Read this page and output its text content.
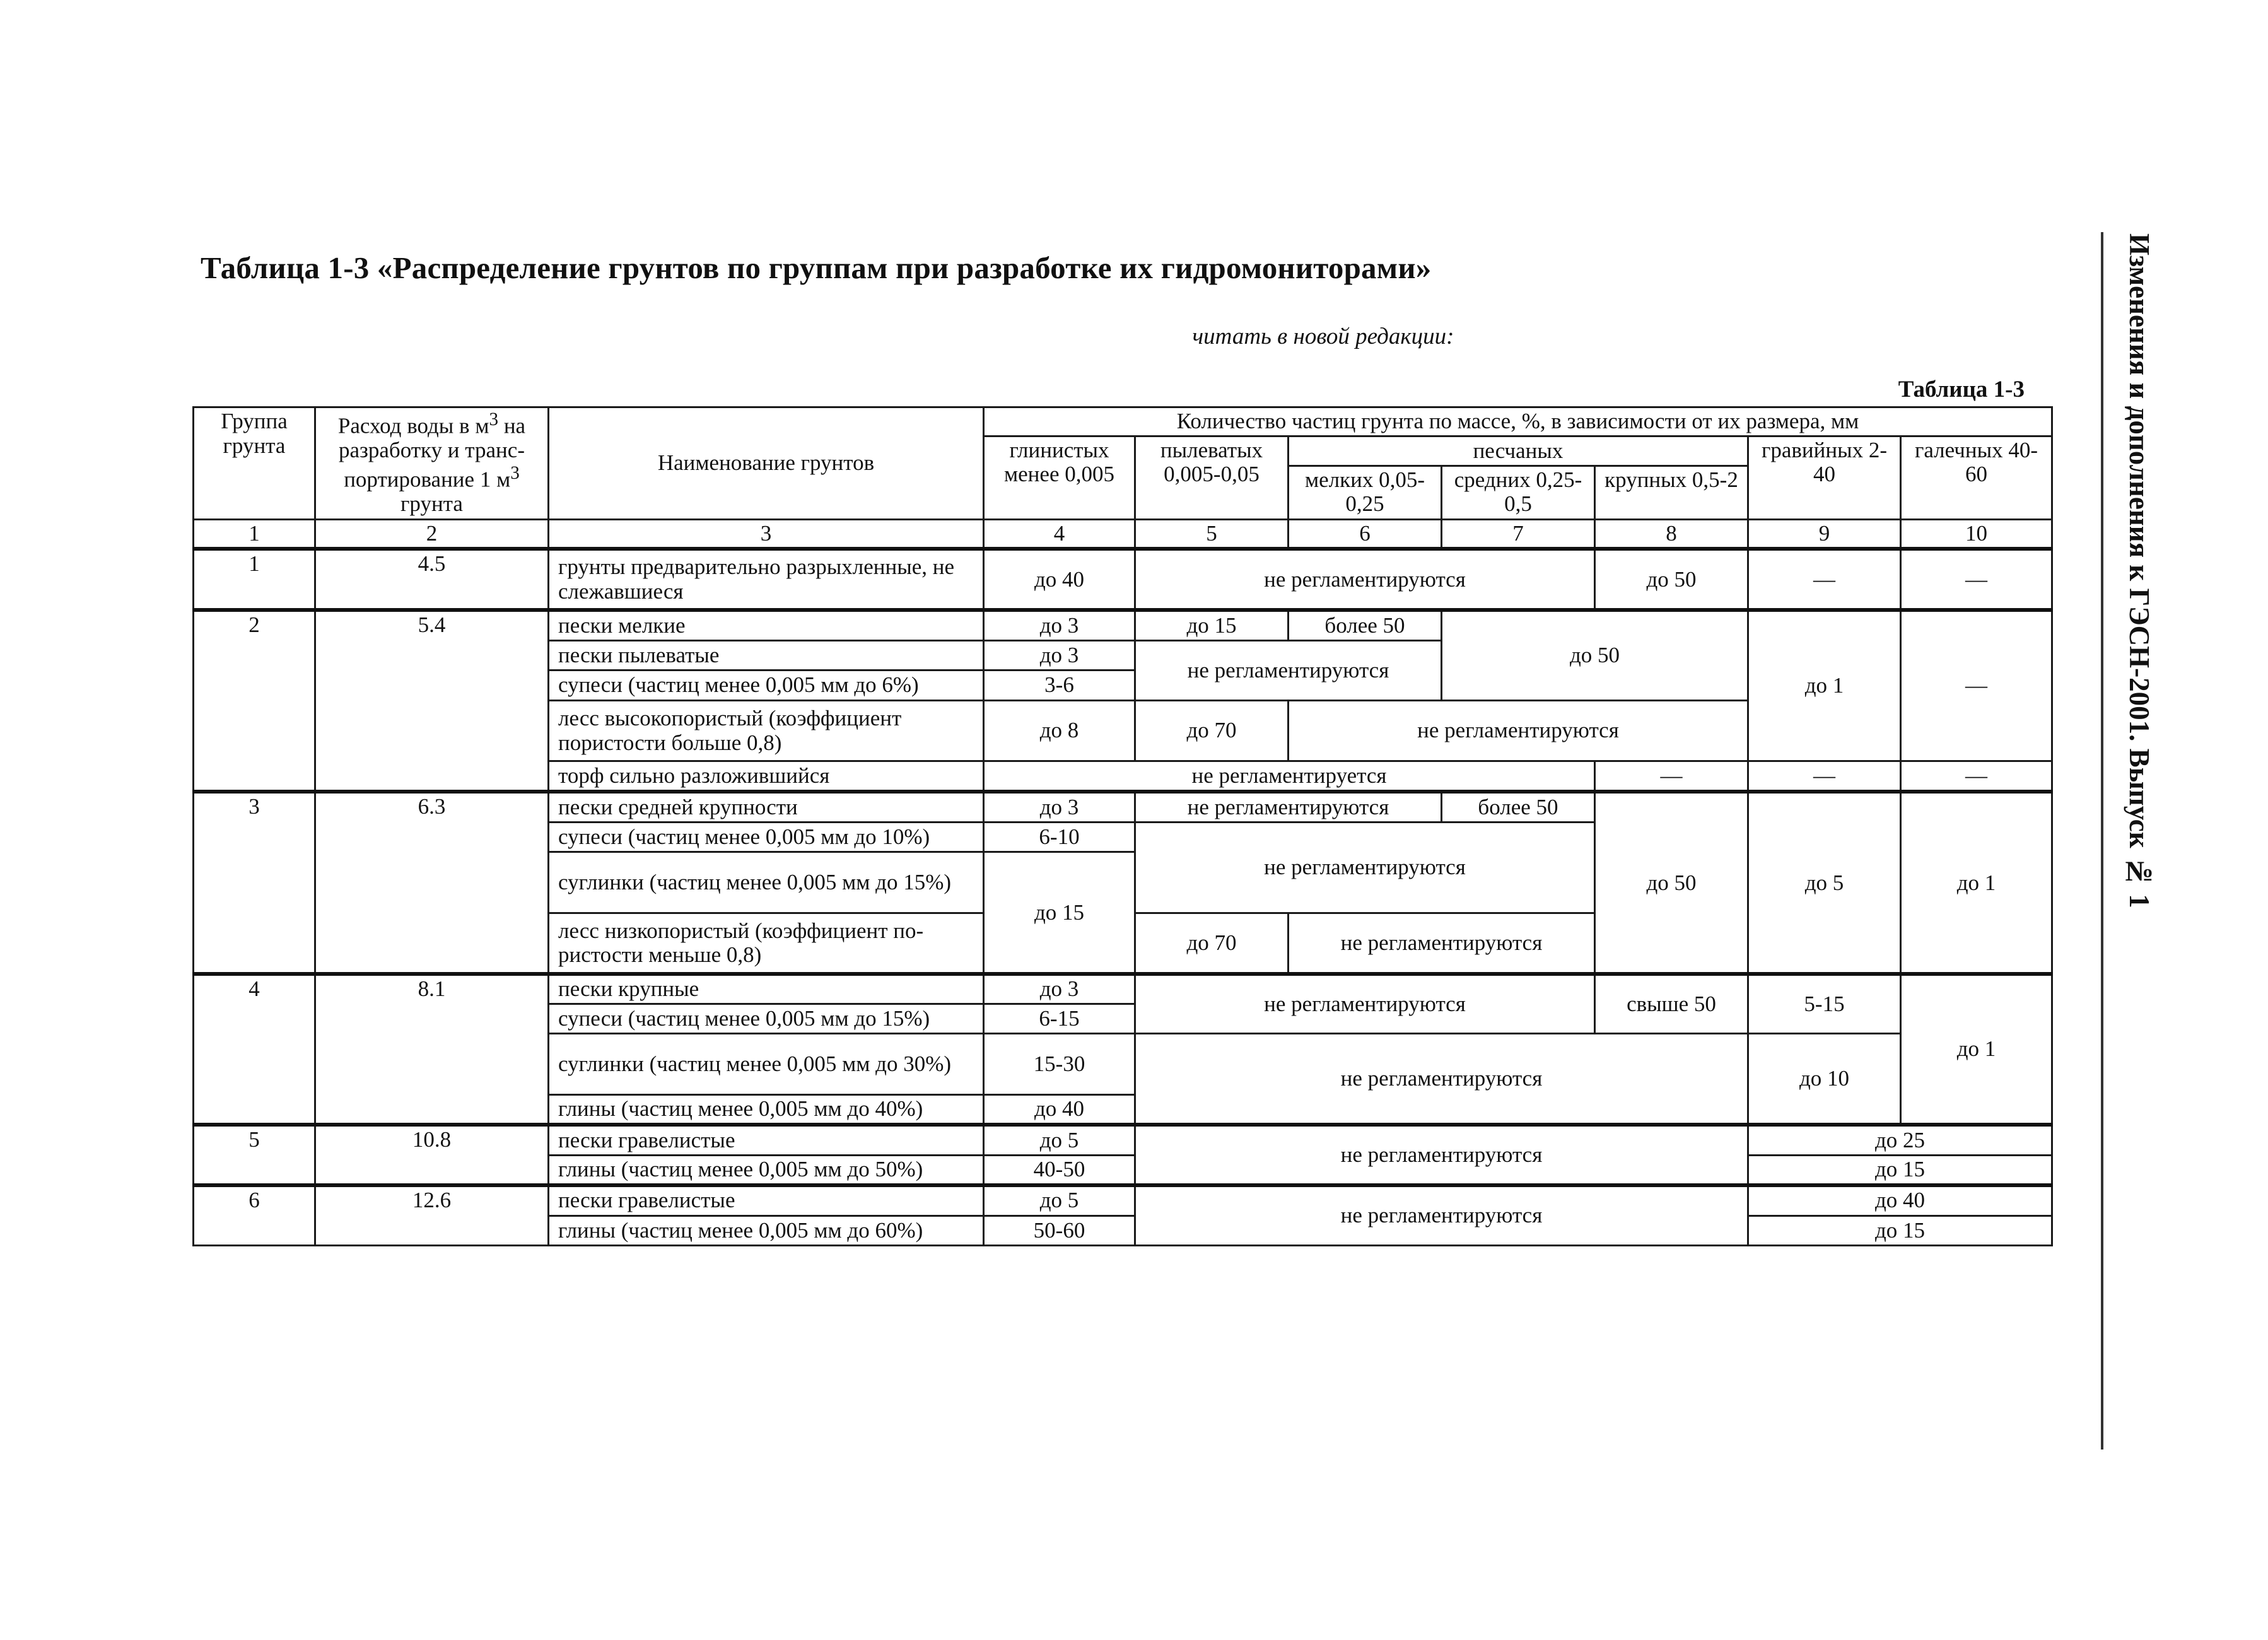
Таблица 1-3 «Распределение грунтов по группам при разработке их гидромониторами»
читать в новой редакции:
Таблица 1-3	Изменения и дополнения к ГЭСН-2001. Выпуск № 1
Группа грунта	Расход воды в $м^3$ на разработку и транс-портирование 1 $м^3$ грунта	Наименование грунтов	Количество частиц грунта по массе, %, в зависимости от их размера, мм						
			глинистых менее 0,005	пылеватых 0,005-0,05	песчаных			гравийных 2-40	галечных 40-60
					мелких 0,05-0,25	средних 0,25-0,5	крупных 0,5-2		
1	2	3	4	5	6	7	8	9	10
1	4.5	грунты предварительно разрыхленные, не слежавшиеся	до 40	не регламентируются			до 50	—	—
2	5.4	пески мелкие	до 3	до 15	более 50	до 50		до 1	—
		пески пылеватые	до 3	не регламентируются					
		супеси (частиц менее 0,005 мм до 6%)	3-6						
		лесс высокопористый (коэффициент пористости больше 0,8)	до 8	до 70	не регламентируются				
		торф сильно разложившийся	не регламентируется				—	—	—
3	6.3	пески средней крупности	до 3	не регламентируются		более 50	до 50	до 5	до 1
		супеси (частиц менее 0,005 мм до 10%)	6-10	не регламентируются					
		суглинки (частиц менее 0,005 мм до 15%)	до 15						
		лесс низкопористый (коэффициент по-ристости меньше 0,8)		до 70	не регламентируются				
4	8.1	пески крупные	до 3	не регламентируются			свыше 50	5-15	до 1
		супеси (частиц менее 0,005 мм до 15%)	6-15						
		суглинки (частиц менее 0,005 мм до 30%)	15-30	не регламентируются				до 10	
		глины (частиц менее 0,005 мм до 40%)	до 40						
5	10.8	пески гравелистые	до 5	не регламентируются				до 25	
		глины (частиц менее 0,005 мм до 50%)	40-50					до 15	
6	12.6	пески гравелистые	до 5	не регламентируются				до 40	
		глины (частиц менее 0,005 мм до 60%)	50-60					до 15	
